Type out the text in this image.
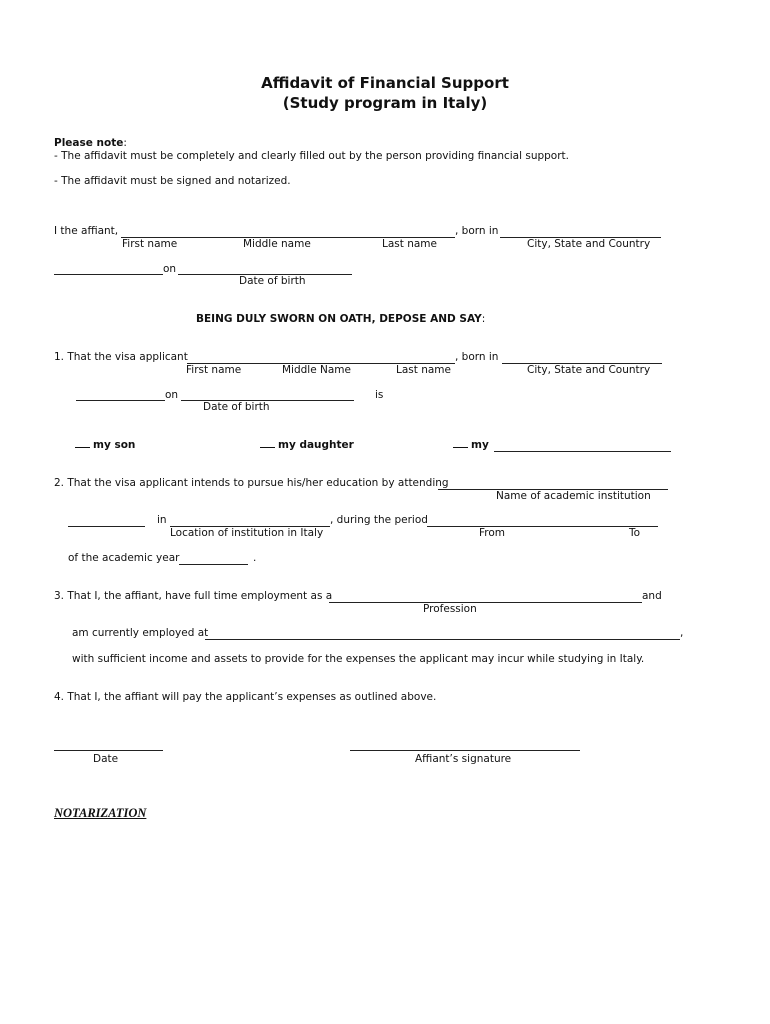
Affidavit of Financial Support
(Study program in Italy)
Please note:
- The affidavit must be completely and clearly filled out by the person providing financial support.
- The affidavit must be signed and notarized.
I the affiant,	, born in
First name	Middle name	Last name	City, State and Country
on
Date of birth
BEING DULY SWORN ON OATH, DEPOSE AND SAY:
1. That the visa applicant	, born in
First name	Middle Name	Last name	City, State and Country
on	is
Date of birth
my son	my daughter	my
2. That the visa applicant intends to pursue his/her education by attending
Name of academic institution
in	, during the period
Location of institution in Italy	From	To
of the academic year	.
3. That I, the affiant, have full time employment as a	and
Profession
am currently employed at	,
with sufficient income and assets to provide for the expenses the applicant may incur while studying in Italy.
4. That I, the affiant will pay the applicant’s expenses as outlined above.
Date	Affiant’s signature
NOTARIZATION
